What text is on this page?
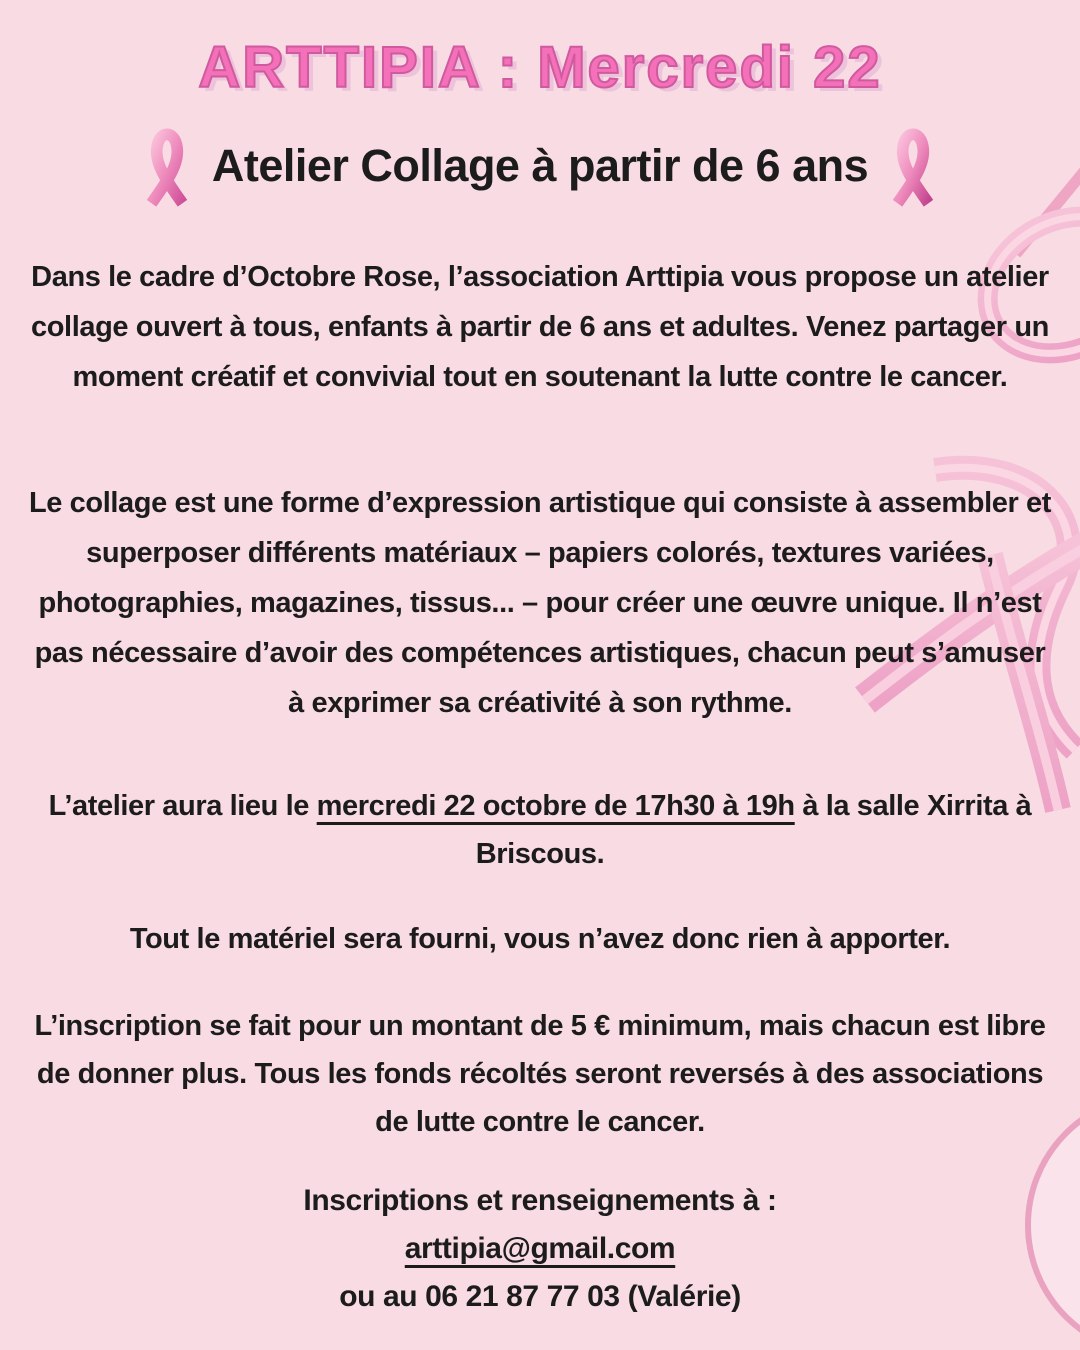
ARTTIPIA : Mercredi 22
Atelier Collage à partir de 6 ans

Dans le cadre d’Octobre Rose, l’association Arttipia vous propose un atelier collage ouvert à tous, enfants à partir de 6 ans et adultes. Venez partager un moment créatif et convivial tout en soutenant la lutte contre le cancer.

Le collage est une forme d’expression artistique qui consiste à assembler et superposer différents matériaux – papiers colorés, textures variées, photographies, magazines, tissus... – pour créer une œuvre unique. Il n’est pas nécessaire d’avoir des compétences artistiques, chacun peut s’amuser à exprimer sa créativité à son rythme.

L’atelier aura lieu le mercredi 22 octobre de 17h30 à 19h à la salle Xirrita à Briscous.

Tout le matériel sera fourni, vous n’avez donc rien à apporter.

L’inscription se fait pour un montant de 5 € minimum, mais chacun est libre de donner plus. Tous les fonds récoltés seront reversés à des associations de lutte contre le cancer.

Inscriptions et renseignements à :
arttipia@gmail.com
ou au 06 21 87 77 03 (Valérie)
